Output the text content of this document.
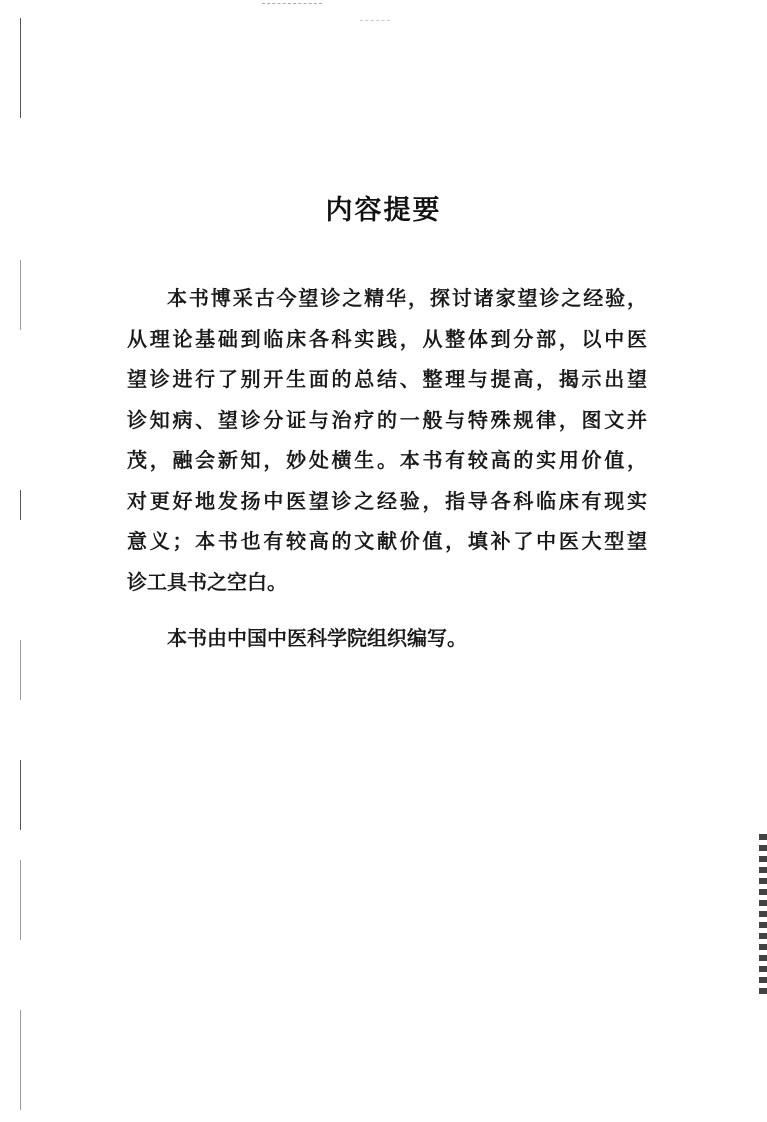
内容提要
本书博采古今望诊之精华，探讨诸家望诊之经验，
从理论基础到临床各科实践，从整体到分部，以中医
望诊进行了别开生面的总结、整理与提高，揭示出望
诊知病、望诊分证与治疗的一般与特殊规律，图文并
茂，融会新知，妙处横生。本书有较高的实用价值，
对更好地发扬中医望诊之经验，指导各科临床有现实
意义；本书也有较高的文献价值，填补了中医大型望
诊工具书之空白。
本书由中国中医科学院组织编写。
